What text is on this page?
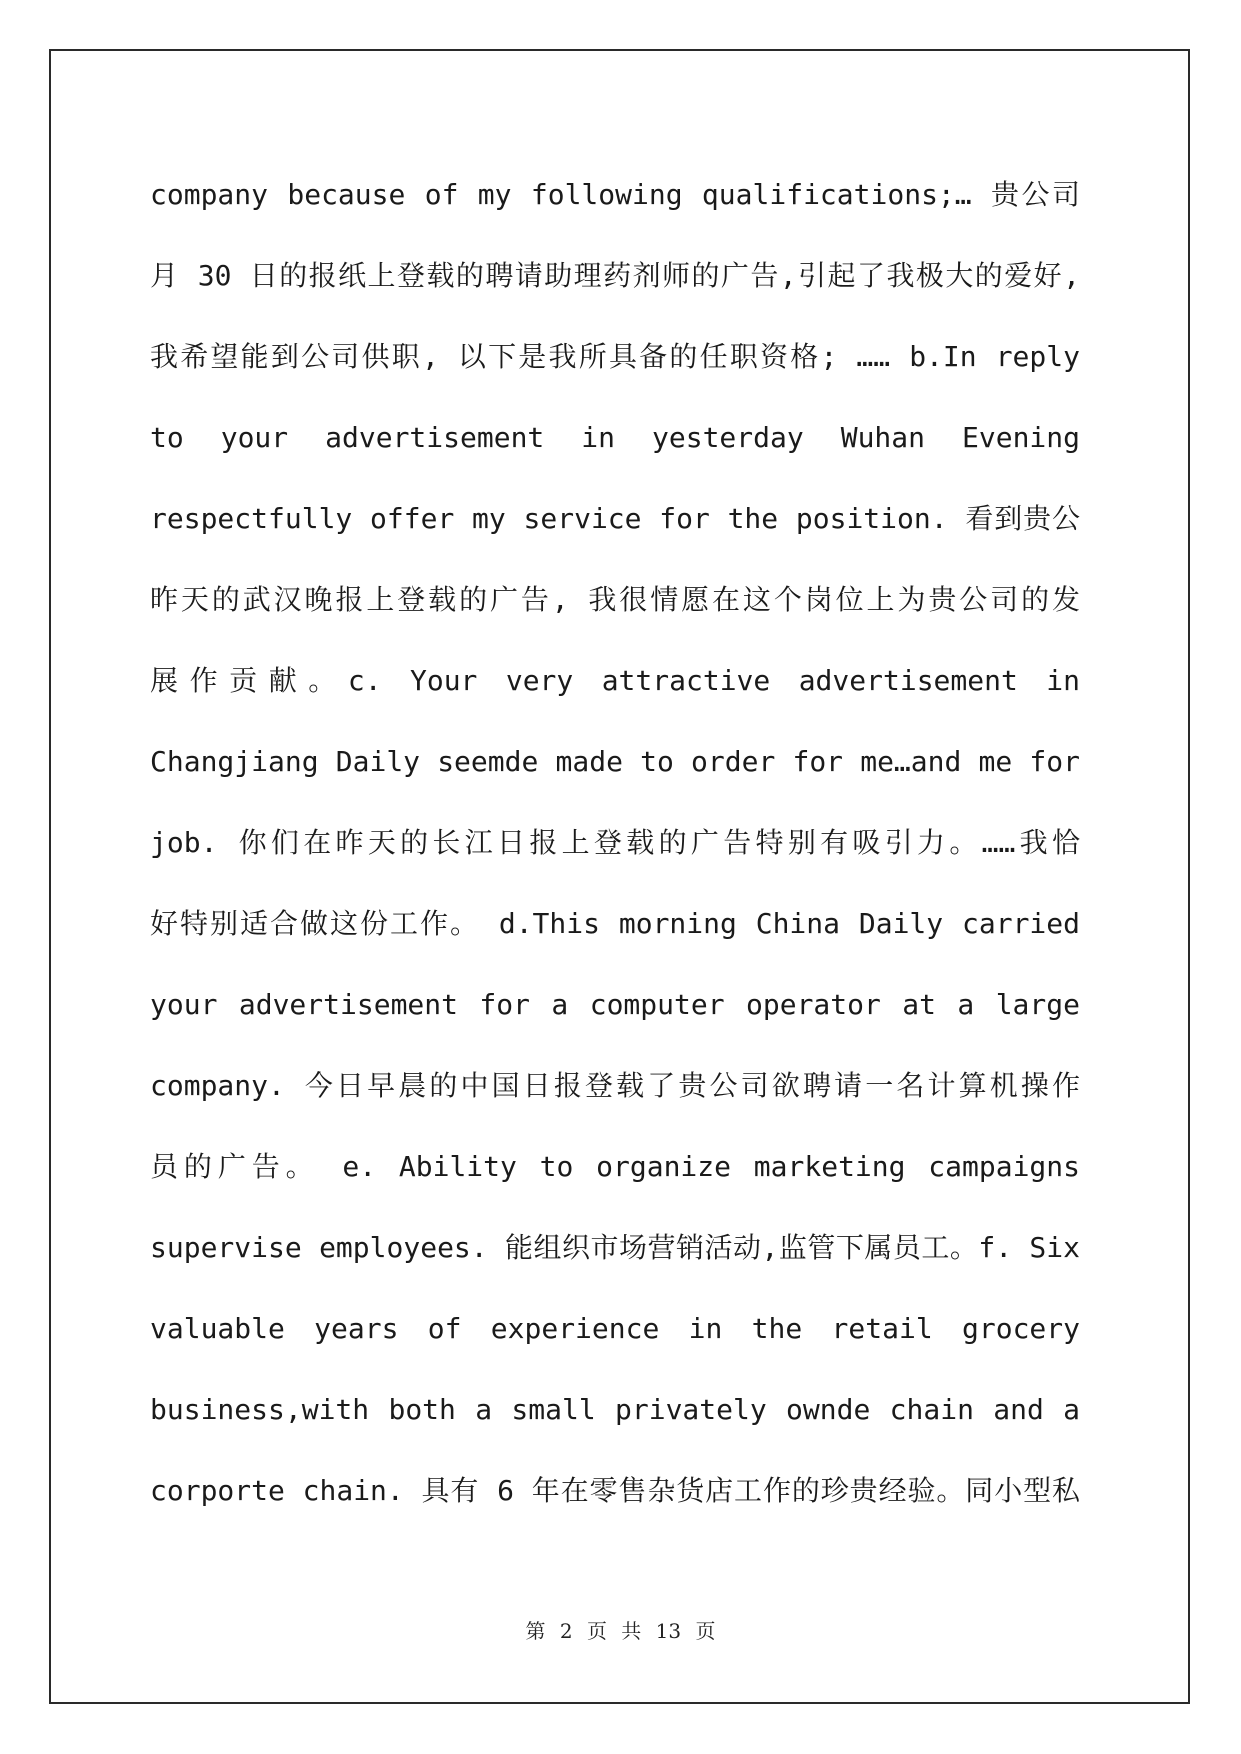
company because of my following qualifications;… 贵公司
月 30 日的报纸上登载的聘请助理药剂师的广告,引起了我极大的爱好,
我希望能到公司供职, 以下是我所具备的任职资格; …… b.In reply
to your advertisement in yesterday Wuhan Evening
respectfully offer my service for the position. 看到贵公
昨天的武汉晚报上登载的广告, 我很情愿在这个岗位上为贵公司的发
展作贡献。c. Your very attractive advertisement in
Changjiang Daily seemde made to order for me…and me for
job. 你们在昨天的长江日报上登载的广告特别有吸引力。……我恰
好特别适合做这份工作。 d.This morning China Daily carried
your advertisement for a computer operator at a large
company. 今日早晨的中国日报登载了贵公司欲聘请一名计算机操作
员的广告。 e. Ability to organize marketing campaigns
supervise employees. 能组织市场营销活动,监管下属员工。f. Six
valuable years of experience in the retail grocery
business,with both a small privately ownde chain and a
corporte chain. 具有 6 年在零售杂货店工作的珍贵经验。同小型私
第 2 页 共 13 页
